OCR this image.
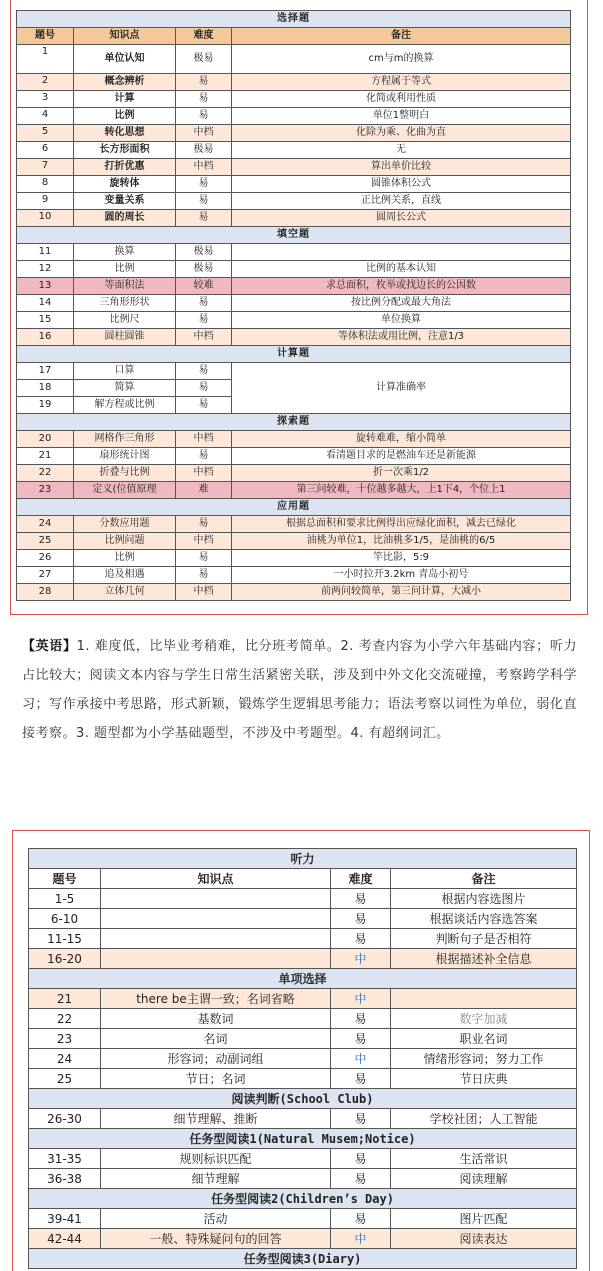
选择题			
题号	知识点	难度	备注
1	单位认知	极易	cm与m的换算
2	概念辨析	易	方程属于等式
3	计算	易	化简或利用性质
4	比例	易	单位1整明白
5	转化思想	中档	化除为乘、化曲为直
6	长方形面积	极易	无
7	打折优惠	中档	算出单价比较
8	旋转体	易	圆锥体积公式
9	变量关系	易	正比例关系，直线
10	圆的周长	易	圆周长公式
填空题			
11	换算	极易	
12	比例	极易	比例的基本认知
13	等面积法	较难	求总面积，枚举或找边长的公因数
14	三角形形状	易	按比例分配或最大角法
15	比例尺	易	单位换算
16	圆柱圆锥	中档	等体积法或用比例，注意1/3
计算题			
17	口算	易	计算准确率
18	简算	易	
19	解方程或比例	易	
探索题			
20	网格作三角形	中档	旋转难难，缩小简单
21	扇形统计图	易	看清题目求的是燃油车还是新能源
22	折叠与比例	中档	折一次乘1/2
23	定义(位值原理	难	第三问较难，十位越多越大，上1下4，个位上1
应用题			
24	分数应用题	易	根据总面积和要求比例得出应绿化面积，减去已绿化
25	比例问题	中档	油桃为单位1，比油桃多1/5，是油桃的6/5
26	比例	易	竿比影，5:9
27	追及相遇	易	一小时拉开3.2km 青岛小初号
28	立体几何	中档	前两问较简单，第三问计算，大减小
【英语】1. 难度低，比毕业考稍难，比分班考简单。2. 考查内容为小学六年基础内容；听力占比较大；阅读文本内容与学生日常生活紧密关联，涉及到中外文化交流碰撞，考察跨学科学习；写作承接中考思路，形式新颖，锻炼学生逻辑思考能力；语法考察以词性为单位，弱化直接考察。3. 题型都为小学基础题型，不涉及中考题型。4. 有超纲词汇。
听力			
题号	知识点	难度	备注
1-5		易	根据内容选图片
6-10		易	根据谈话内容选答案
11-15		易	判断句子是否相符
16-20		中	根据描述补全信息
单项选择			
21	there be主谓一致；名词省略	中	
22	基数词	易	数字加减
23	名词	易	职业名词
24	形容词；动副词组	中	情绪形容词；努力工作
25	节日；名词	易	节日庆典
阅读判断(School Club)			
26-30	细节理解、推断	易	学校社团；人工智能
任务型阅读1(Natural Musem;Notice)			
31-35	规则标识匹配	易	生活常识
36-38	细节理解	易	阅读理解
任务型阅读2(Children’s Day)			
39-41	活动	易	图片匹配
42-44	一般、特殊疑问句的回答	中	阅读表达
任务型阅读3(Diary)			
